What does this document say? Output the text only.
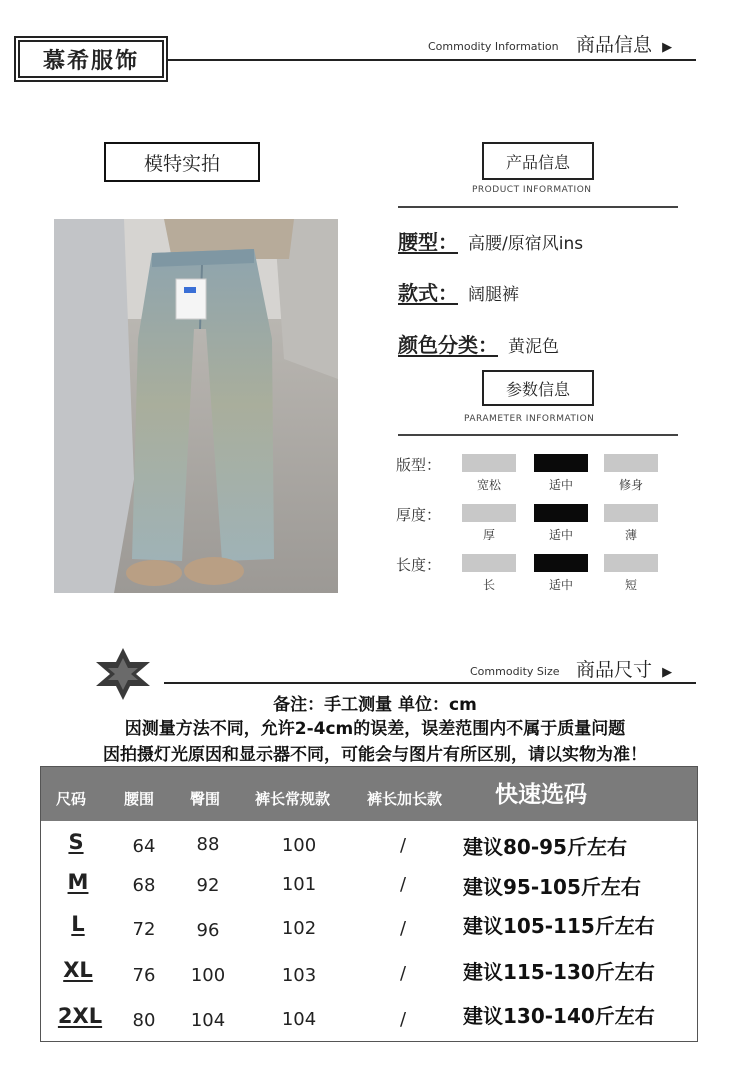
慕希服饰
Commodity Information 商品信息 ▶
模特实拍	产品信息
PRODUCT INFORMATION
腰型： 高腰/原宿风ins
款式： 阔腿裤
颜色分类： 黄泥色
参数信息
PARAMETER INFORMATION
版型：
宽松	适中	修身
厚度：
厚	适中	薄
长度：
长	适中	短
Commodity Size 商品尺寸 ▶
备注：手工测量 单位：cm
因测量方法不同，允许2-4cm的误差，误差范围内不属于质量问题
因拍摄灯光原因和显示器不同，可能会与图片有所区别，请以实物为准！
尺码	腰围 臀围 裤长常规款 裤长加长款 快速选码
S	64	88	100	/	建议80-95斤左右
M	68	92	101	/	建议95-105斤左右
L	72	96	102	/	建议105-115斤左右
XL	76	100	103	/	建议115-130斤左右
2XL	80	104	104	/	建议130-140斤左右
